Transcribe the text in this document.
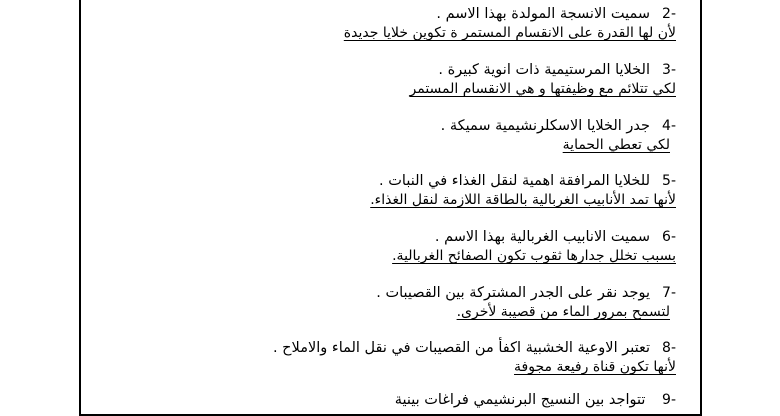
2-
سميت الانسجة المولدة بهذا الاسم .
لأن لها القدرة على الانقسام المستمر ة تكوين خلايا جديدة
3-
الخلايا المرستيمية ذات انوية كبيرة .
لكي تتلائم مع وظيفتها و هي الانقسام المستمر
4-
جدر الخلايا الاسكلرنشيمية سميكة .
لكي تعطي الحماية
5-
للخلايا المرافقة اهمية لنقل الغذاء في النبات .
لأنها تمد الأنابيب الغربالية بالطاقة اللازمة لنقل الغذاء.
6-
سميت الانابيب الغربالية بهذا الاسم .
بسبب تخلل جدارها ثقوب تكون الصفائح الغربالية.
7-
يوجد نقر على الجدر المشتركة بين القصيبات .
لتسمح بمرور الماء من قصيبة لأخرى.
8-
تعتبر الاوعية الخشبية اكفأ من القصيبات في نقل الماء والاملاح .
لأنها تكون قناة رفيعة مجوفة
9- تتواجد بين النسيج البرنشيمي فراغات بينية
